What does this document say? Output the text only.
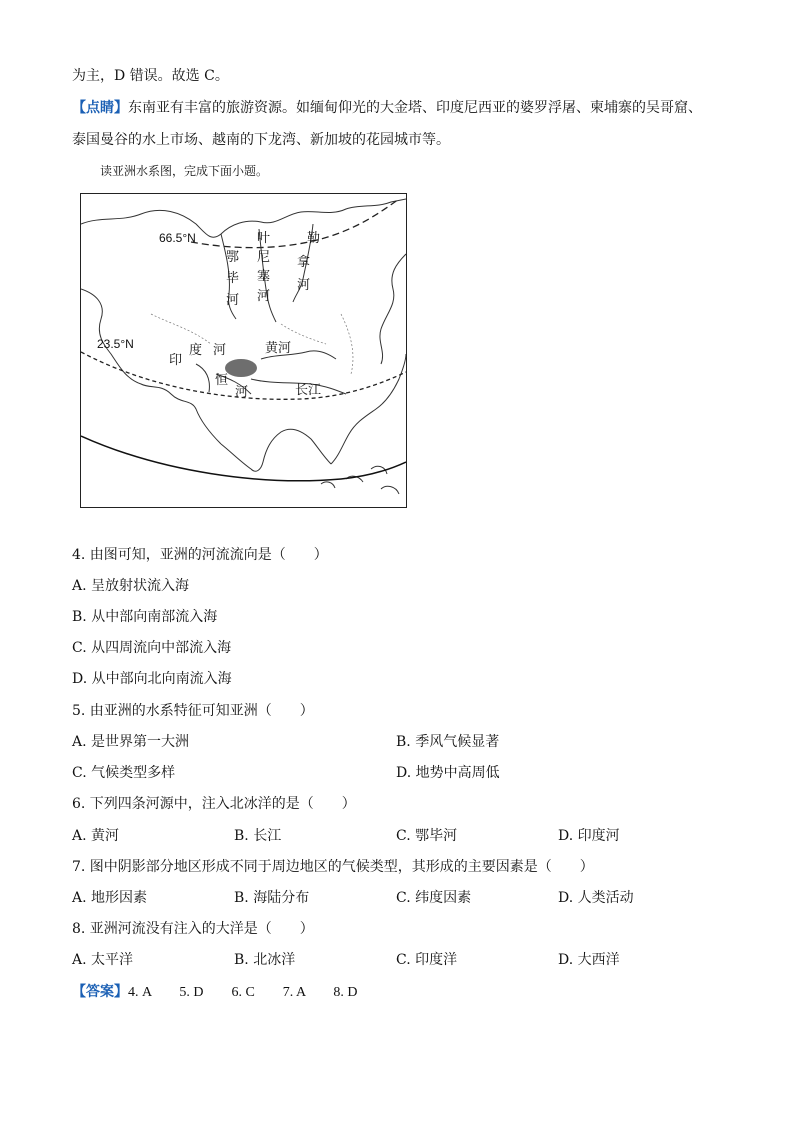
为主，D 错误。故选 C。
【点睛】东南亚有丰富的旅游资源。如缅甸仰光的大金塔、印度尼西亚的婆罗浮屠、柬埔寨的吴哥窟、
泰国曼谷的水上市场、越南的下龙湾、新加坡的花园城市等。
读亚洲水系图，完成下面小题。
66.5°N
23.5°N
叶
尼
塞
河
勒
拿
河
鄂
毕
河
印
度 河	黄河
恒
河	长江
4. 由图可知，亚洲的河流流向是（　　）
A. 呈放射状流入海
B. 从中部向南部流入海
C. 从四周流向中部流入海
D. 从中部向北向南流入海
5. 由亚洲的水系特征可知亚洲（　　）
A. 是世界第一大洲	B. 季风气候显著
C. 气候类型多样	D. 地势中高周低
6. 下列四条河源中，注入北冰洋的是（　　）
A. 黄河	B. 长江	C. 鄂毕河	D. 印度河
7. 图中阴影部分地区形成不同于周边地区的气候类型，其形成的主要因素是（　　）
A. 地形因素	B. 海陆分布	C. 纬度因素	D. 人类活动
8. 亚洲河流没有注入的大洋是（　　）
A. 太平洋	B. 北冰洋	C. 印度洋	D. 大西洋
【答案】4. A　　5. D　　6. C　　7. A　　8. D
